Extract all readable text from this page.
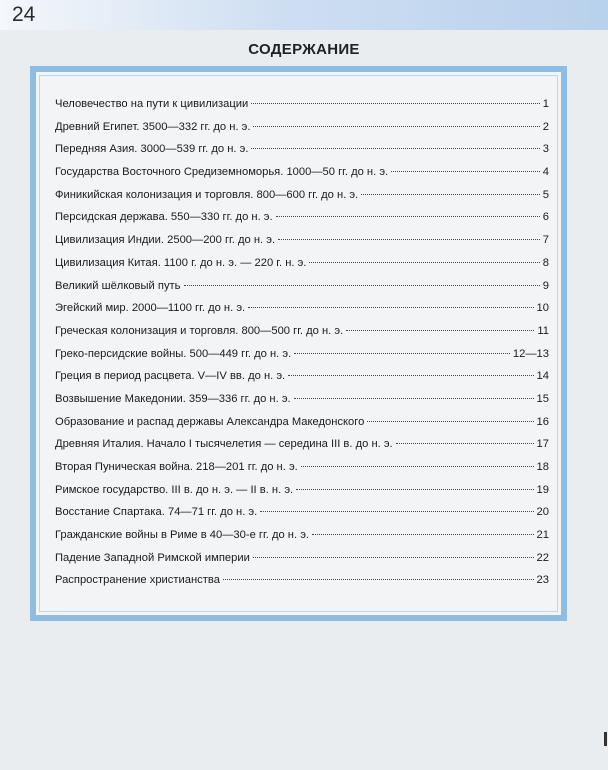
24
СОДЕРЖАНИЕ
Человечество на пути к цивилизации	1
Древний Египет. 3500—332 гг. до н. э.	2
Передняя Азия. 3000—539 гг. до н. э.	3
Государства Восточного Средиземноморья. 1000—50 гг. до н. э.	4
Финикийская колонизация и торговля. 800—600 гг. до н. э.	5
Персидская держава. 550—330 гг. до н. э.	6
Цивилизация Индии. 2500—200 гг. до н. э.	7
Цивилизация Китая. 1100 г. до н. э. — 220 г. н. э.	8
Великий шёлковый путь	9
Эгейский мир. 2000—1100 гг. до н. э.	10
Греческая колонизация и торговля. 800—500 гг. до н. э.	11
Греко-персидские войны. 500—449 гг. до н. э.	12—13
Греция в период расцвета. V—IV вв. до н. э.	14
Возвышение Македонии. 359—336 гг. до н. э.	15
Образование и распад державы Александра Македонского	16
Древняя Италия. Начало I тысячелетия — середина III в. до н. э.	17
Вторая Пуническая война. 218—201 гг. до н. э.	18
Римское государство. III в. до н. э. — II в. н. э.	19
Восстание Спартака. 74—71 гг. до н. э.	20
Гражданские войны в Риме в 40—30-е гг. до н. э.	21
Падение Западной Римской империи	22
Распространение христианства	23
